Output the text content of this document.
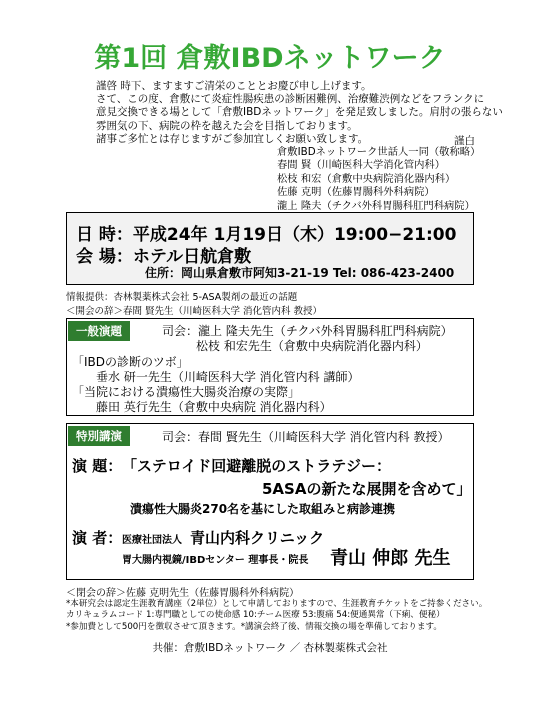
第1回 倉敷IBDネットワーク
謹啓 時下、ますますご清栄のこととお慶び申し上げます。
さて、この度、倉敷にて炎症性腸疾患の診断困難例、治療難渋例などをフランクに
意見交換できる場として「倉敷IBDネットワーク」を発足致しました。肩肘の張らない
雰囲気の下、病院の枠を越えた会を目指しております。
諸事ご多忙とは存じますがご参加宜しくお願い致します。	謹白
倉敷IBDネットワーク世話人一同（敬称略）
春間 賢（川崎医科大学消化管内科）
松枝 和宏（倉敷中央病院消化器内科）
佐藤 克明（佐藤胃腸科外科病院）
瀧上 隆夫（チクバ外科胃腸科肛門科病院）
日 時：平成24年 1月19日（木）19:00−21:00
会 場：ホテル日航倉敷
住所：岡山県倉敷市阿知3-21-19 Tel: 086-423-2400
情報提供：杏林製薬株式会社 5-ASA製剤の最近の話題
＜開会の辞＞春間 賢先生（川崎医科大学 消化管内科 教授）
一般演題	司会：瀧上 隆夫先生（チクバ外科胃腸科肛門科病院）
松枝 和宏先生（倉敷中央病院消化器内科）
「IBDの診断のツボ」
垂水 研一先生（川崎医科大学 消化管内科 講師）
「当院における潰瘍性大腸炎治療の実際」
藤田 英行先生（倉敷中央病院 消化器内科）
特別講演	司会：春間 賢先生（川崎医科大学 消化管内科 教授）
演 題： 「ステロイド回避離脱のストラテジー：
5ASAの新たな展開を含めて」
潰瘍性大腸炎270名を基にした取組みと病診連携
演 者： 医療社団法人 青山内科クリニック
胃大腸内視鏡/IBDセンター 理事長・院長 青山 伸郎 先生
＜閉会の辞＞佐藤 克明先生（佐藤胃腸科外科病院）
*本研究会は認定生涯教育講座（2単位）として申請しておりますので、生涯教育チケットをご持参ください。
カリキュラムコード 1:専門職としての使命感 10:チーム医療 53:腹痛 54:便通異常（下痢、便秘）
*参加費として500円を徴収させて頂きます。*講演会終了後、情報交換の場を準備しております。
共催：倉敷IBDネットワーク ／ 杏林製薬株式会社
